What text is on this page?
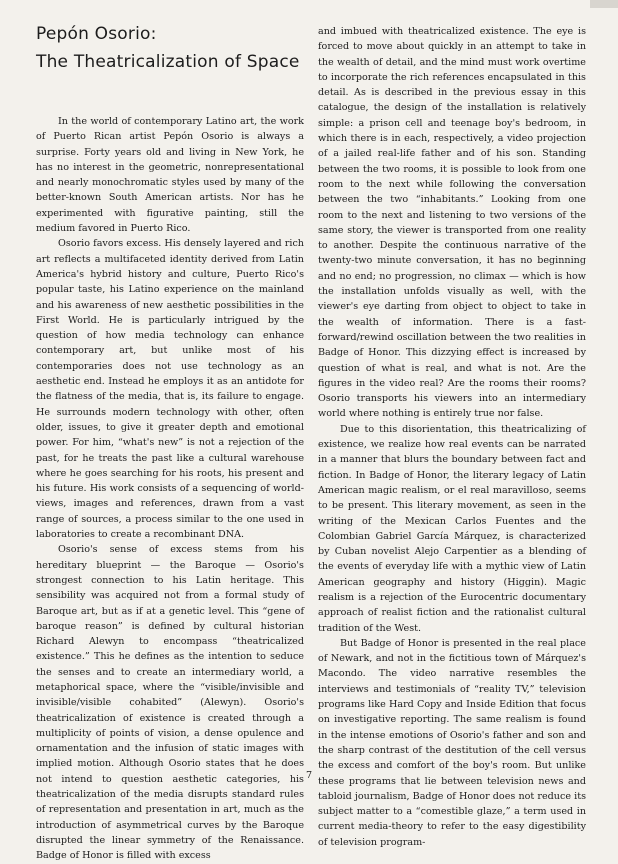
Pepón Osorio:
The Theatricalization of Space

In the world of contemporary Latino art, the work of Puerto Rican artist Pepón Osorio is always a surprise. Forty years old and living in New York, he has no interest in the geometric, nonrepresentational and nearly monochromatic styles used by many of the better-known South American artists. Nor has he experimented with figurative painting, still the medium favored in Puerto Rico.

Osorio favors excess. His densely layered and rich art reflects a multifaceted identity derived from Latin America's hybrid history and culture, Puerto Rico's popular taste, his Latino experience on the mainland and his awareness of new aesthetic possibilities in the First World. He is particularly intrigued by the question of how media technology can enhance contemporary art, but unlike most of his contemporaries does not use technology as an aesthetic end. Instead he employs it as an antidote for the flatness of the media, that is, its failure to engage. He surrounds modern technology with other, often older, issues, to give it greater depth and emotional power. For him, “what's new” is not a rejection of the past, for he treats the past like a cultural warehouse where he goes searching for his roots, his present and his future. His work consists of a sequencing of world-views, images and references, drawn from a vast range of sources, a process similar to the one used in laboratories to create a recombinant DNA.

Osorio's sense of excess stems from his hereditary blueprint — the Baroque — Osorio's strongest connection to his Latin heritage. This sensibility was acquired not from a formal study of Baroque art, but as if at a genetic level. This “gene of baroque reason” is defined by cultural historian Richard Alewyn to encompass “theatricalized existence.” This he defines as the intention to seduce the senses and to create an intermediary world, a metaphorical space, where the “visible/invisible and invisible/visible cohabited” (Alewyn). Osorio's theatricalization of existence is created through a multiplicity of points of vision, a dense opulence and ornamentation and the infusion of static images with implied motion. Although Osorio states that he does not intend to question aesthetic categories, his theatricalization of the media disrupts standard rules of representation and presentation in art, much as the introduction of asymmetrical curves by the Baroque disrupted the linear symmetry of the Renaissance. Badge of Honor is filled with excess

and imbued with theatricalized existence. The eye is forced to move about quickly in an attempt to take in the wealth of detail, and the mind must work overtime to incorporate the rich references encapsulated in this detail. As is described in the previous essay in this catalogue, the design of the installation is relatively simple: a prison cell and teenage boy's bedroom, in which there is in each, respectively, a video projection of a jailed real-life father and of his son. Standing between the two rooms, it is possible to look from one room to the next while following the conversation between the two “inhabitants.” Looking from one room to the next and listening to two versions of the same story, the viewer is transported from one reality to another. Despite the continuous narrative of the twenty-two minute conversation, it has no beginning and no end; no progression, no climax — which is how the installation unfolds visually as well, with the viewer's eye darting from object to object to take in the wealth of information. There is a fast-forward/rewind oscillation between the two realities in Badge of Honor. This dizzying effect is increased by question of what is real, and what is not. Are the figures in the video real? Are the rooms their rooms? Osorio transports his viewers into an intermediary world where nothing is entirely true nor false.

Due to this disorientation, this theatricalizing of existence, we realize how real events can be narrated in a manner that blurs the boundary between fact and fiction. In Badge of Honor, the literary legacy of Latin American magic realism, or el real maravilloso, seems to be present. This literary movement, as seen in the writing of the Mexican Carlos Fuentes and the Colombian Gabriel García Márquez, is characterized by Cuban novelist Alejo Carpentier as a blending of the events of everyday life with a mythic view of Latin American geography and history (Higgin). Magic realism is a rejection of the Eurocentric documentary approach of realist fiction and the rationalist cultural tradition of the West.

But Badge of Honor is presented in the real place of Newark, and not in the fictitious town of Márquez's Macondo. The video narrative resembles the interviews and testimonials of “reality TV,” television programs like Hard Copy and Inside Edition that focus on investigative reporting. The same realism is found in the intense emotions of Osorio's father and son and the sharp contrast of the destitution of the cell versus the excess and comfort of the boy's room. But unlike these programs that lie between television news and tabloid journalism, Badge of Honor does not reduce its subject matter to a “comestible glaze,” a term used in current media-theory to refer to the easy digestibility of television program-

7
